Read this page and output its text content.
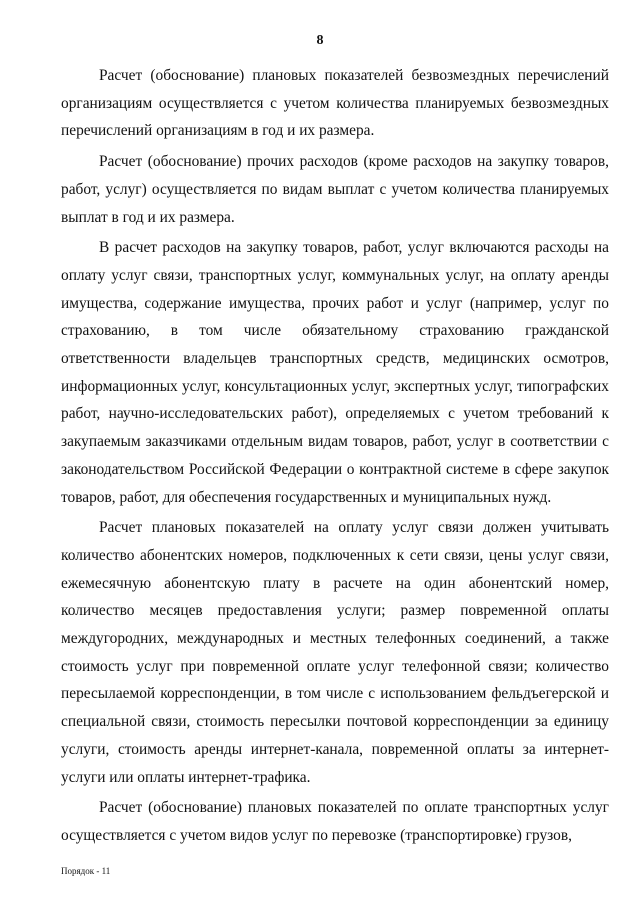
8

Расчет (обоснование) плановых показателей безвозмездных перечислений организациям осуществляется с учетом количества планируемых безвозмездных перечислений организациям в год и их размера.

Расчет (обоснование) прочих расходов (кроме расходов на закупку товаров, работ, услуг) осуществляется по видам выплат с учетом количества планируемых выплат в год и их размера.

В расчет расходов на закупку товаров, работ, услуг включаются расходы на оплату услуг связи, транспортных услуг, коммунальных услуг, на оплату аренды имущества, содержание имущества, прочих работ и услуг (например, услуг по страхованию, в том числе обязательному страхованию гражданской ответственности владельцев транспортных средств, медицинских осмотров, информационных услуг, консультационных услуг, экспертных услуг, типографских работ, научно-исследовательских работ), определяемых с учетом требований к закупаемым заказчиками отдельным видам товаров, работ, услуг в соответствии с законодательством Российской Федерации о контрактной системе в сфере закупок товаров, работ, для обеспечения государственных и муниципальных нужд.

Расчет плановых показателей на оплату услуг связи должен учитывать количество абонентских номеров, подключенных к сети связи, цены услуг связи, ежемесячную абонентскую плату в расчете на один абонентский номер, количество месяцев предоставления услуги; размер повременной оплаты междугородних, международных и местных телефонных соединений, а также стоимость услуг при повременной оплате услуг телефонной связи; количество пересылаемой корреспонденции, в том числе с использованием фельдъегерской и специальной связи, стоимость пересылки почтовой корреспонденции за единицу услуги, стоимость аренды интернет-канала, повременной оплаты за интернет-услуги или оплаты интернет-трафика.

Расчет (обоснование) плановых показателей по оплате транспортных услуг осуществляется с учетом видов услуг по перевозке (транспортировке) грузов,

Порядок - 11
